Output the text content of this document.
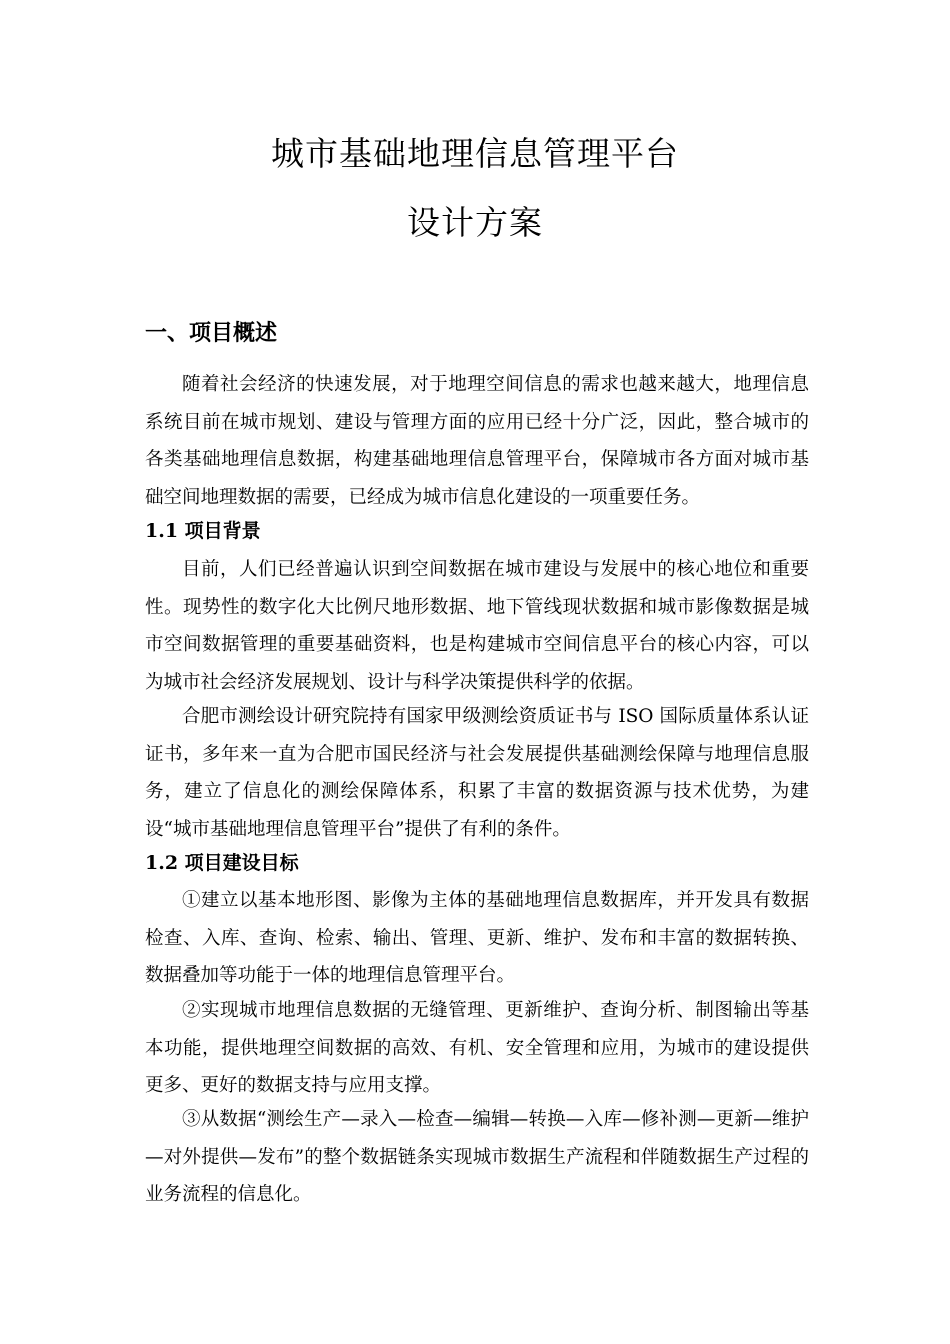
城市基础地理信息管理平台
设计方案
一、项目概述

随着社会经济的快速发展，对于地理空间信息的需求也越来越大，地理信息系统目前在城市规划、建设与管理方面的应用已经十分广泛，因此，整合城市的各类基础地理信息数据，构建基础地理信息管理平台，保障城市各方面对城市基础空间地理数据的需要，已经成为城市信息化建设的一项重要任务。

1.1 项目背景

目前，人们已经普遍认识到空间数据在城市建设与发展中的核心地位和重要性。现势性的数字化大比例尺地形数据、地下管线现状数据和城市影像数据是城市空间数据管理的重要基础资料，也是构建城市空间信息平台的核心内容，可以为城市社会经济发展规划、设计与科学决策提供科学的依据。

合肥市测绘设计研究院持有国家甲级测绘资质证书与 ISO 国际质量体系认证证书，多年来一直为合肥市国民经济与社会发展提供基础测绘保障与地理信息服务，建立了信息化的测绘保障体系，积累了丰富的数据资源与技术优势，为建设“城市基础地理信息管理平台”提供了有利的条件。

1.2 项目建设目标

①建立以基本地形图、影像为主体的基础地理信息数据库，并开发具有数据检查、入库、查询、检索、输出、管理、更新、维护、发布和丰富的数据转换、数据叠加等功能于一体的地理信息管理平台。

②实现城市地理信息数据的无缝管理、更新维护、查询分析、制图输出等基本功能，提供地理空间数据的高效、有机、安全管理和应用，为城市的建设提供更多、更好的数据支持与应用支撑。

③从数据“测绘生产—录入—检查—编辑—转换—入库—修补测—更新—维护—对外提供—发布”的整个数据链条实现城市数据生产流程和伴随数据生产过程的业务流程的信息化。
